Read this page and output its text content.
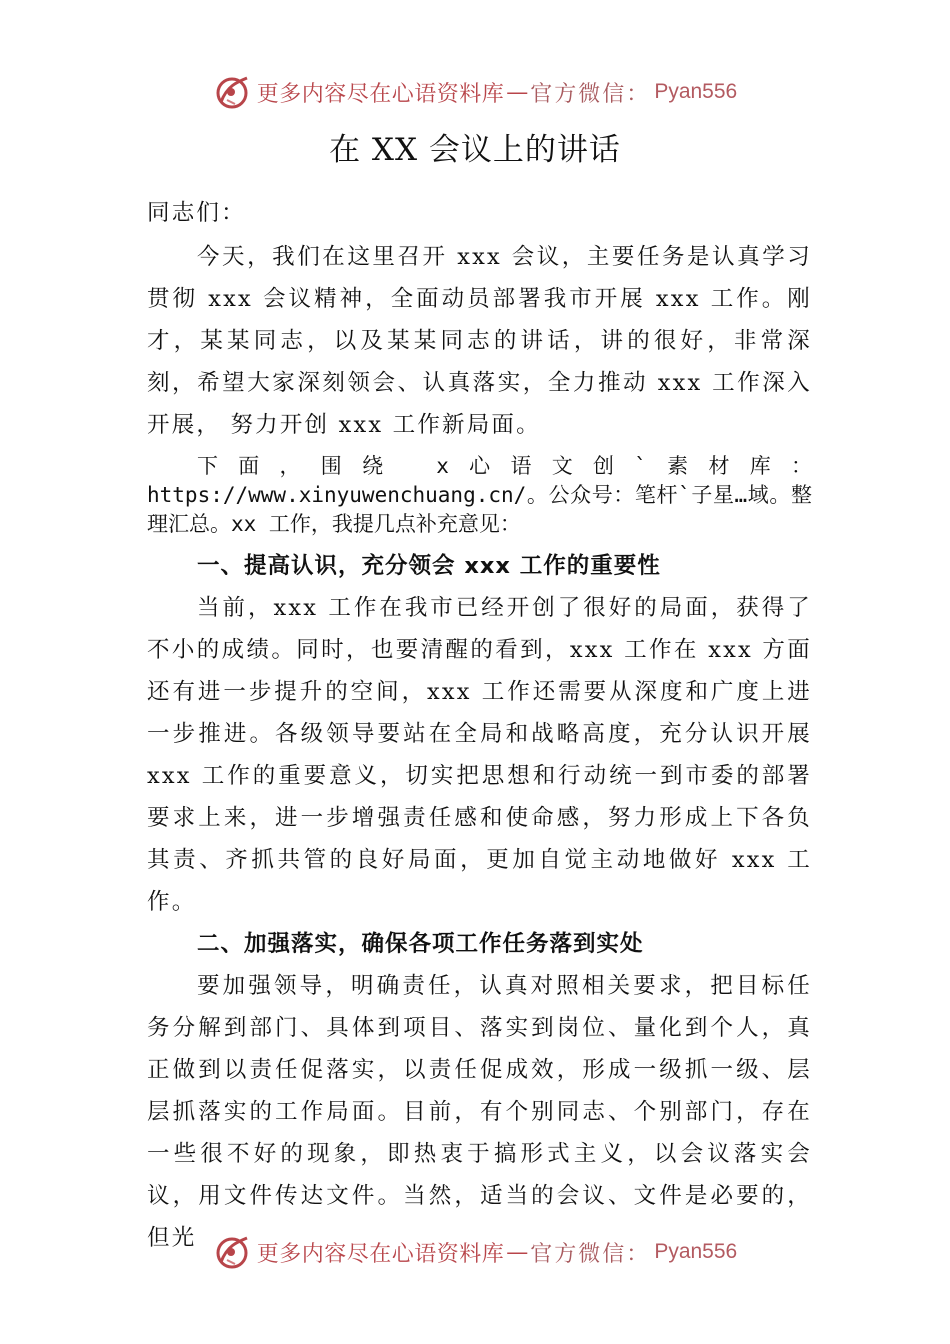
更多内容尽在心语资料库 — 官方微信： Pyan556
在 XX 会议上的讲话

同志们：

今天，我们在这里召开 xxx 会议，主要任务是认真学习贯彻 xxx 会议精神，全面动员部署我市开展 xxx 工作。刚才，某某同志，以及某某同志的讲话，讲的很好，非常深刻，希望大家深刻领会、认真落实，全力推动 xxx 工作深入开展， 努力开创 xxx 工作新局面。

下面，围绕 x心语文创`素材库：https://www.xinyuwenchuang.cn/。公众号：笔杆`子星…域。整理汇总。xx 工作，我提几点补充意见：

一、提高认识，充分领会 xxx 工作的重要性

当前，xxx 工作在我市已经开创了很好的局面，获得了不小的成绩。同时，也要清醒的看到，xxx 工作在 xxx 方面还有进一步提升的空间，xxx 工作还需要从深度和广度上进一步推进。各级领导要站在全局和战略高度，充分认识开展 xxx 工作的重要意义，切实把思想和行动统一到市委的部署要求上来，进一步增强责任感和使命感，努力形成上下各负其责、齐抓共管的良好局面，更加自觉主动地做好 xxx 工作。

二、加强落实，确保各项工作任务落到实处

要加强领导，明确责任，认真对照相关要求，把目标任务分解到部门、具体到项目、落实到岗位、量化到个人，真正做到以责任促落实，以责任促成效，形成一级抓一级、层层抓落实的工作局面。目前，有个别同志、个别部门，存在一些很不好的现象，即热衷于搞形式主义，以会议落实会议，用文件传达文件。当然，适当的会议、文件是必要的，但光

更多内容尽在心语资料库 — 官方微信： Pyan556
